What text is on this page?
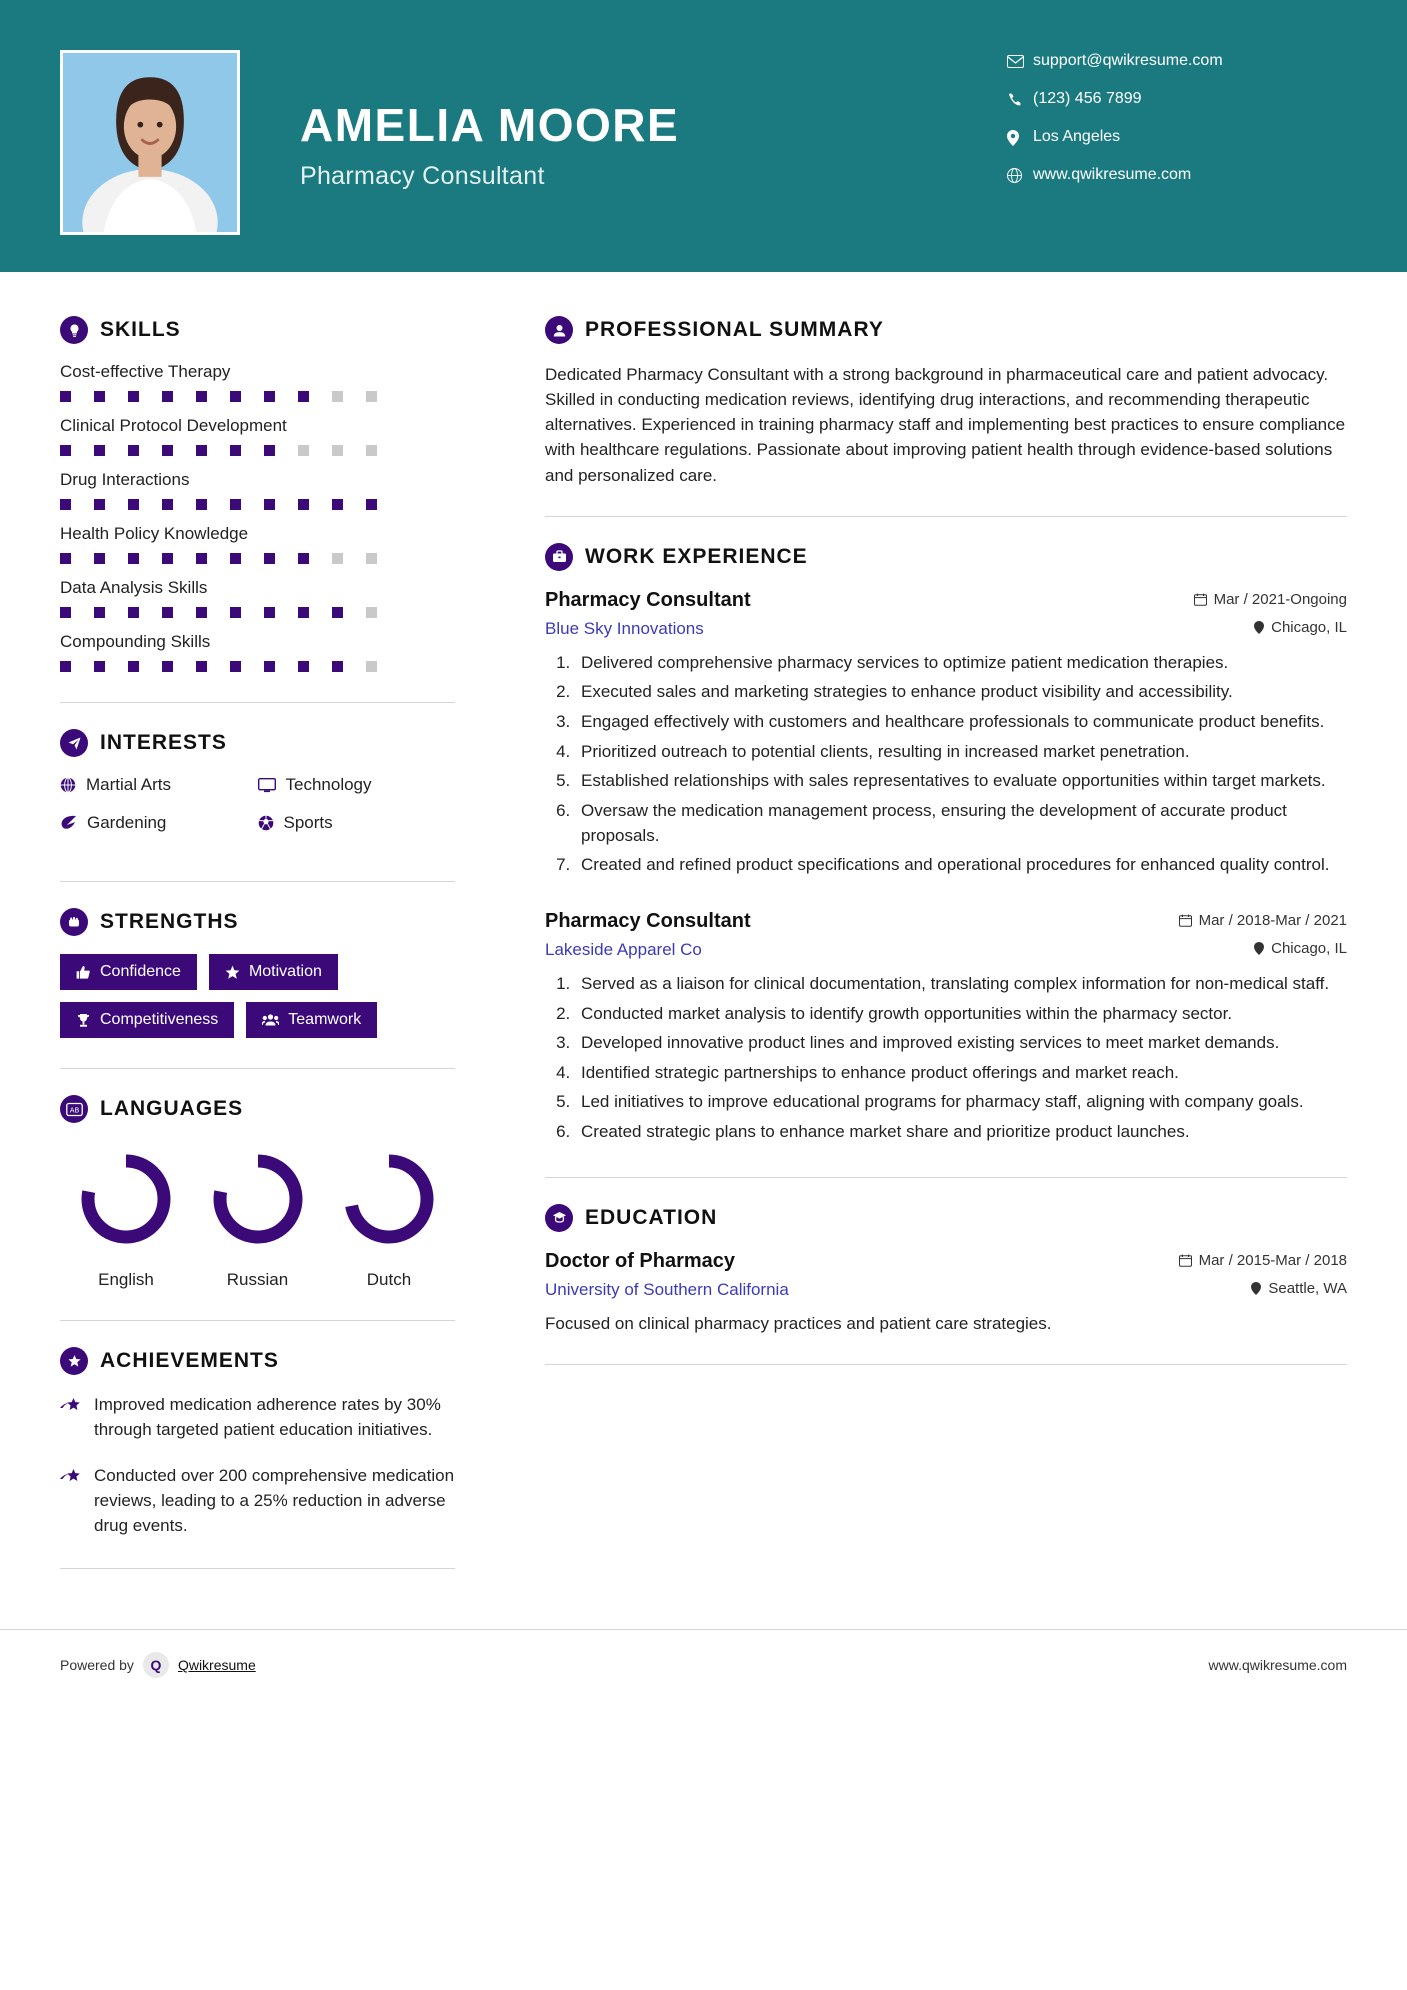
AMELIA MOORE
Pharmacy Consultant
support@qwikresume.com
(123) 456 7899
Los Angeles
www.qwikresume.com
SKILLS
Cost-effective Therapy
Clinical Protocol Development
Drug Interactions
Health Policy Knowledge
Data Analysis Skills
Compounding Skills
INTERESTS
Martial Arts	Technology
Gardening	Sports
STRENGTHS
Confidence	Motivation
Competitiveness	Teamwork
AB LANGUAGES
English	Russian	Dutch
ACHIEVEMENTS

Improved medication adherence rates by 30% through targeted patient education initiatives.

Conducted over 200 comprehensive medication reviews, leading to a 25% reduction in adverse drug events.

PROFESSIONAL SUMMARY

Dedicated Pharmacy Consultant with a strong background in pharmaceutical care and patient advocacy. Skilled in conducting medication reviews, identifying drug interactions, and recommending therapeutic alternatives. Experienced in training pharmacy staff and implementing best practices to ensure compliance with healthcare regulations. Passionate about improving patient health through evidence-based solutions and personalized care.

WORK EXPERIENCE
Pharmacy Consultant	Mar / 2021-Ongoing
Blue Sky Innovations	Chicago, IL
1. Delivered comprehensive pharmacy services to optimize patient medication therapies.
2. Executed sales and marketing strategies to enhance product visibility and accessibility.
3. Engaged effectively with customers and healthcare professionals to communicate product benefits.
4. Prioritized outreach to potential clients, resulting in increased market penetration.
5. Established relationships with sales representatives to evaluate opportunities within target markets.
6. Oversaw the medication management process, ensuring the development of accurate product proposals.
7. Created and refined product specifications and operational procedures for enhanced quality control.
Pharmacy Consultant	Mar / 2018-Mar / 2021
Lakeside Apparel Co	Chicago, IL
1. Served as a liaison for clinical documentation, translating complex information for non-medical staff.
2. Conducted market analysis to identify growth opportunities within the pharmacy sector.
3. Developed innovative product lines and improved existing services to meet market demands.
4. Identified strategic partnerships to enhance product offerings and market reach.
5. Led initiatives to improve educational programs for pharmacy staff, aligning with company goals.
6. Created strategic plans to enhance market share and prioritize product launches.
EDUCATION
Doctor of Pharmacy	Mar / 2015-Mar / 2018
University of Southern California	Seattle, WA
Focused on clinical pharmacy practices and patient care strategies.
Powered by	Q	Qwikresume	www.qwikresume.com
